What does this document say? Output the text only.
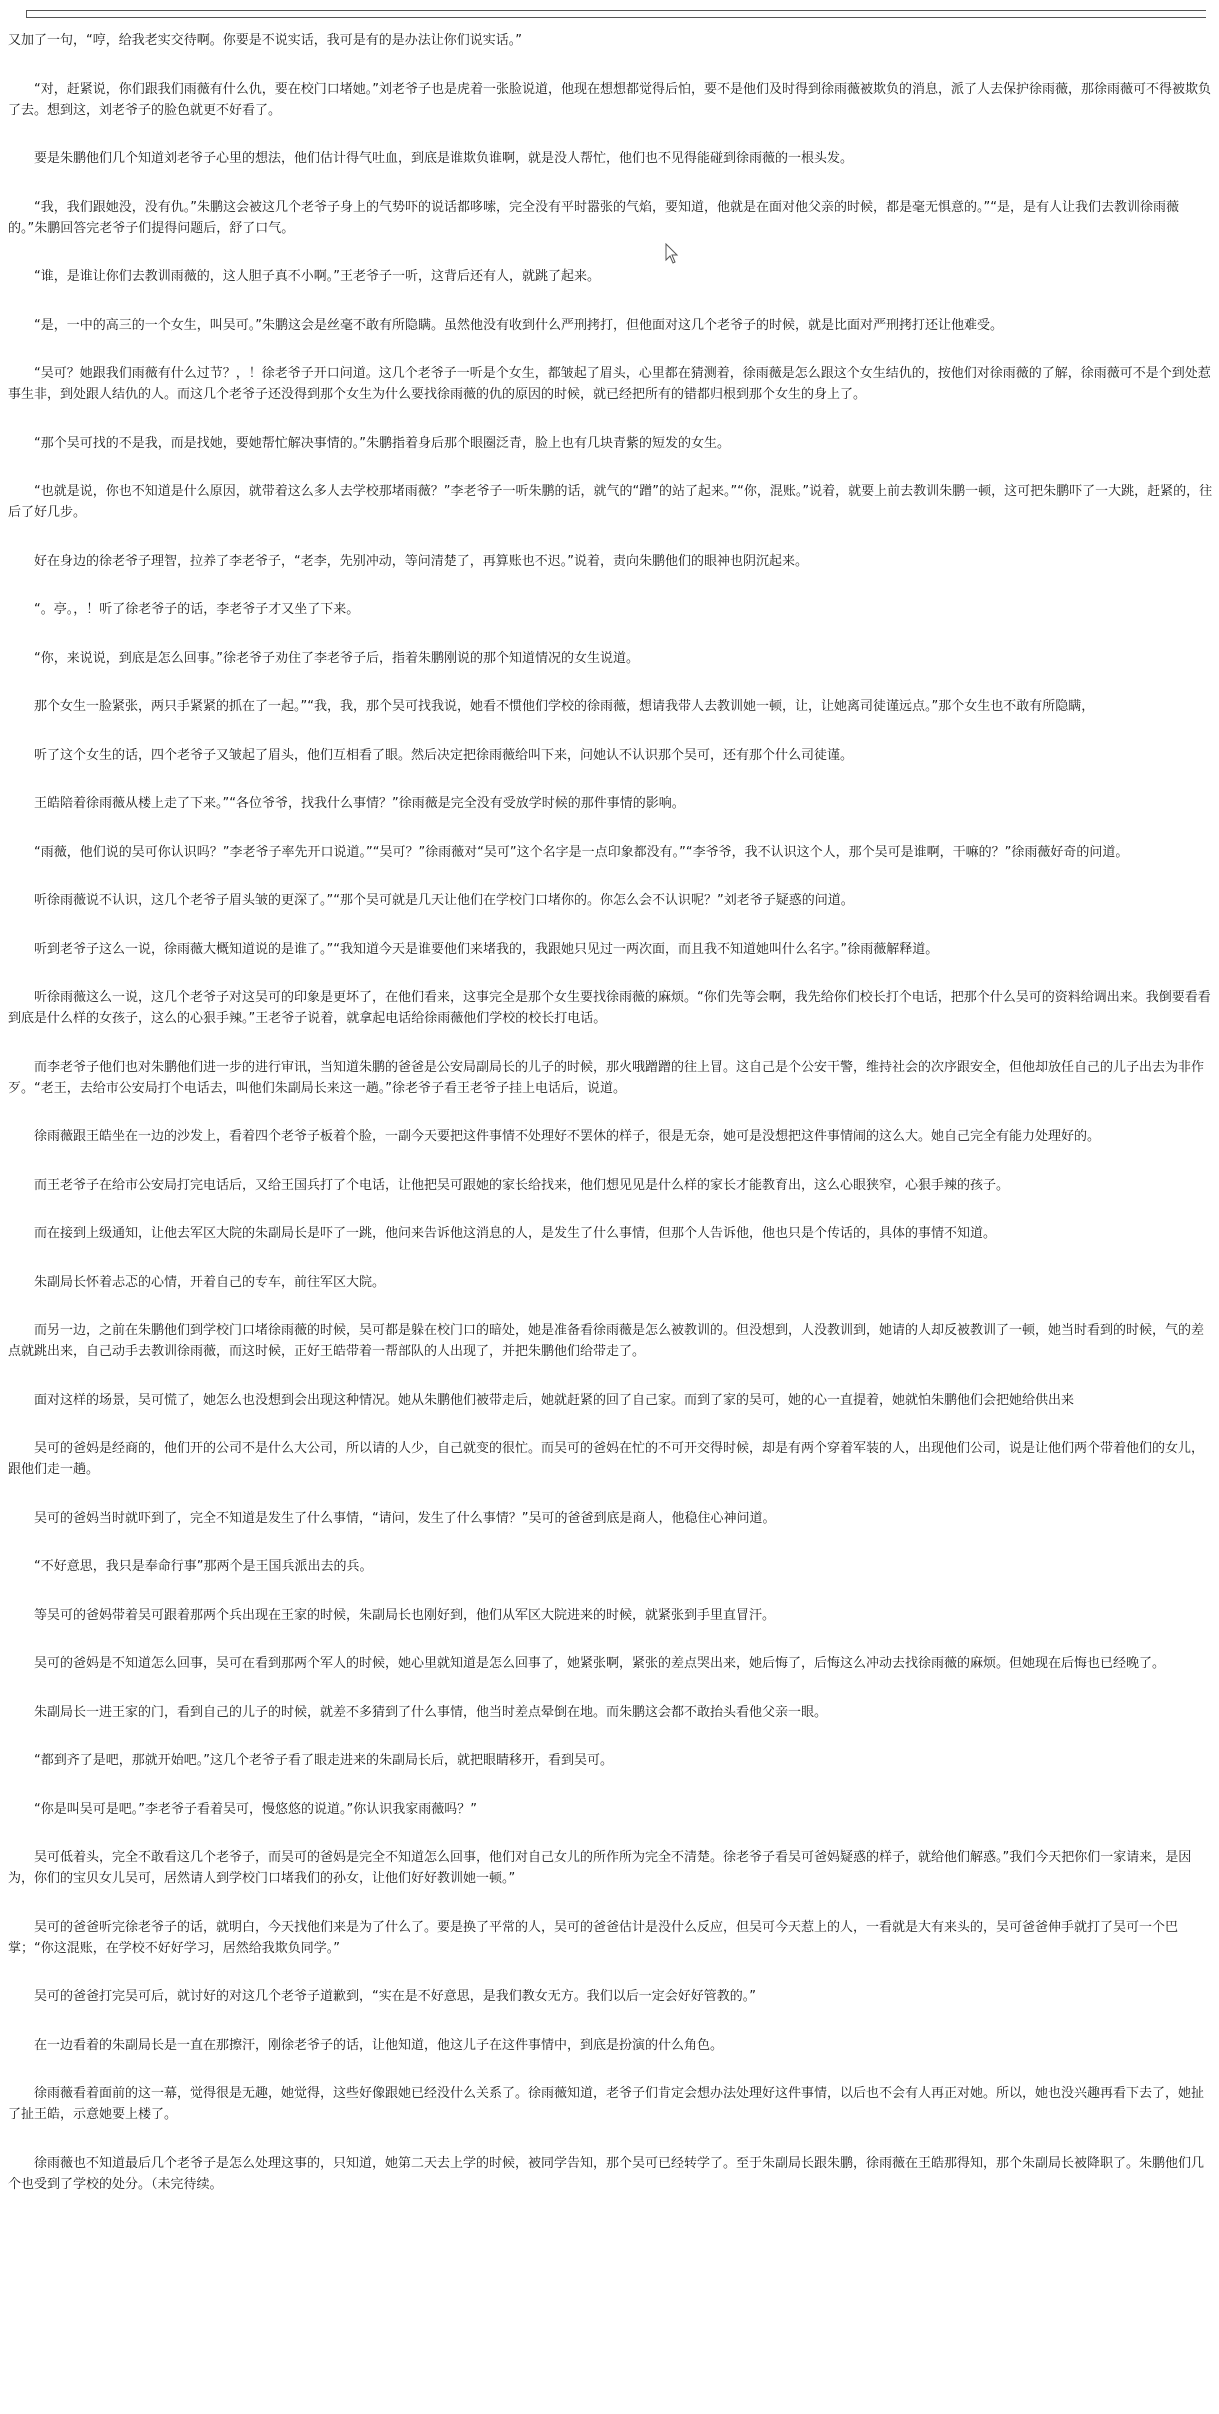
又加了一句，“哼，给我老实交待啊。你要是不说实话，我可是有的是办法让你们说实话。”

“对，赶紧说，你们跟我们雨薇有什么仇，要在校门口堵她。”刘老爷子也是虎着一张脸说道，他现在想想都觉得后怕，要不是他们及时得到徐雨薇被欺负的消息，派了人去保护徐雨薇，那徐雨薇可不得被欺负了去。想到这，刘老爷子的脸色就更不好看了。

要是朱鹏他们几个知道刘老爷子心里的想法，他们估计得气吐血，到底是谁欺负谁啊，就是没人帮忙，他们也不见得能碰到徐雨薇的一根头发。

“我，我们跟她没，没有仇。”朱鹏这会被这几个老爷子身上的气势吓的说话都哆嗦，完全没有平时嚣张的气焰，要知道，他就是在面对他父亲的时候，都是毫无惧意的。”“是，是有人让我们去教训徐雨薇的。”朱鹏回答完老爷子们提得问题后，舒了口气。

“谁，是谁让你们去教训雨薇的，这人胆子真不小啊。”王老爷子一听，这背后还有人，就跳了起来。

“是，一中的高三的一个女生，叫吴可。”朱鹏这会是丝毫不敢有所隐瞒。虽然他没有收到什么严刑拷打，但他面对这几个老爷子的时候，就是比面对严刑拷打还让他难受。

“吴可？她跟我们雨薇有什么过节？，！徐老爷子开口问道。这几个老爷子一听是个女生，都皱起了眉头，心里都在猜测着，徐雨薇是怎么跟这个女生结仇的，按他们对徐雨薇的了解，徐雨薇可不是个到处惹事生非，到处跟人结仇的人。而这几个老爷子还没得到那个女生为什么要找徐雨薇的仇的原因的时候，就已经把所有的错都归根到那个女生的身上了。

“那个吴可找的不是我，而是找她，要她帮忙解决事情的。”朱鹏指着身后那个眼圈泛青，脸上也有几块青紫的短发的女生。

“也就是说，你也不知道是什么原因，就带着这么多人去学校那堵雨薇？”李老爷子一听朱鹏的话，就气的“蹭”的站了起来。”“你，混账。”说着，就要上前去教训朱鹏一顿，这可把朱鹏吓了一大跳，赶紧的，往后了好几步。

好在身边的徐老爷子理智，拉养了李老爷子，“老李，先别冲动，等问清楚了，再算账也不迟。”说着，责向朱鹏他们的眼神也阴沉起来。

“。亭。，！听了徐老爷子的话，李老爷子才又坐了下来。

“你，来说说，到底是怎么回事。”徐老爷子劝住了李老爷子后，指着朱鹏刚说的那个知道情况的女生说道。

那个女生一脸紧张，两只手紧紧的抓在了一起。”“我，我，那个吴可找我说，她看不惯他们学校的徐雨薇，想请我带人去教训她一顿，让，让她离司徒谨远点。”那个女生也不敢有所隐瞒，

听了这个女生的话，四个老爷子又皱起了眉头，他们互相看了眼。然后决定把徐雨薇给叫下来，问她认不认识那个吴可，还有那个什么司徒谨。

王皓陪着徐雨薇从楼上走了下来。”“各位爷爷，找我什么事情？”徐雨薇是完全没有受放学时候的那件事情的影响。

“雨薇，他们说的吴可你认识吗？”李老爷子率先开口说道。”“吴可？”徐雨薇对“吴可”这个名字是一点印象都没有。”“李爷爷，我不认识这个人，那个吴可是谁啊，干嘛的？”徐雨薇好奇的问道。

听徐雨薇说不认识，这几个老爷子眉头皱的更深了。”“那个吴可就是几天让他们在学校门口堵你的。你怎么会不认识呢？”刘老爷子疑惑的问道。

听到老爷子这么一说，徐雨薇大概知道说的是谁了。”“我知道今天是谁要他们来堵我的，我跟她只见过一两次面，而且我不知道她叫什么名字。”徐雨薇解释道。

听徐雨薇这么一说，这几个老爷子对这吴可的印象是更坏了，在他们看来，这事完全是那个女生要找徐雨薇的麻烦。“你们先等会啊，我先给你们校长打个电话，把那个什么吴可的资料给调出来。我倒要看看到底是什么样的女孩子，这么的心狠手辣。”王老爷子说着，就拿起电话给徐雨薇他们学校的校长打电话。

而李老爷子他们也对朱鹏他们进一步的进行审讯，当知道朱鹏的爸爸是公安局副局长的儿子的时候，那火哦蹭蹭的往上冒。这自己是个公安干警，维持社会的次序跟安全，但他却放任自己的儿子出去为非作歹。“老王，去给市公安局打个电话去，叫他们朱副局长来这一趟。”徐老爷子看王老爷子挂上电话后，说道。

徐雨薇跟王皓坐在一边的沙发上，看着四个老爷子板着个脸，一副今天要把这件事情不处理好不罢休的样子，很是无奈，她可是没想把这件事情闹的这么大。她自己完全有能力处理好的。

而王老爷子在给市公安局打完电话后，又给王国兵打了个电话，让他把吴可跟她的家长给找来，他们想见见是什么样的家长才能教育出，这么心眼狭窄，心狠手辣的孩子。

而在接到上级通知，让他去军区大院的朱副局长是吓了一跳，他问来告诉他这消息的人，是发生了什么事情，但那个人告诉他，他也只是个传话的，具体的事情不知道。

朱副局长怀着忐忑的心情，开着自己的专车，前往军区大院。

而另一边，之前在朱鹏他们到学校门口堵徐雨薇的时候，吴可都是躲在校门口的暗处，她是准备看徐雨薇是怎么被教训的。但没想到，人没教训到，她请的人却反被教训了一顿，她当时看到的时候，气的差点就跳出来，自己动手去教训徐雨薇，而这时候，正好王皓带着一帮部队的人出现了，并把朱鹏他们给带走了。

面对这样的场景，吴可慌了，她怎么也没想到会出现这种情况。她从朱鹏他们被带走后，她就赶紧的回了自己家。而到了家的吴可，她的心一直提着，她就怕朱鹏他们会把她给供出来

吴可的爸妈是经商的，他们开的公司不是什么大公司，所以请的人少，自己就变的很忙。而吴可的爸妈在忙的不可开交得时候，却是有两个穿着军装的人，出现他们公司，说是让他们两个带着他们的女儿，跟他们走一趟。

吴可的爸妈当时就吓到了，完全不知道是发生了什么事情，“请问，发生了什么事情？”吴可的爸爸到底是商人，他稳住心神问道。

“不好意思，我只是奉命行事”那两个是王国兵派出去的兵。

等吴可的爸妈带着吴可跟着那两个兵出现在王家的时候，朱副局长也刚好到，他们从军区大院进来的时候，就紧张到手里直冒汗。

吴可的爸妈是不知道怎么回事，吴可在看到那两个军人的时候，她心里就知道是怎么回事了，她紧张啊，紧张的差点哭出来，她后悔了，后悔这么冲动去找徐雨薇的麻烦。但她现在后悔也已经晚了。

朱副局长一进王家的门，看到自己的儿子的时候，就差不多猜到了什么事情，他当时差点晕倒在地。而朱鹏这会都不敢抬头看他父亲一眼。

“都到齐了是吧，那就开始吧。”这几个老爷子看了眼走进来的朱副局长后，就把眼睛移开，看到吴可。

“你是叫吴可是吧。”李老爷子看着吴可，慢悠悠的说道。”你认识我家雨薇吗？”

吴可低着头，完全不敢看这几个老爷子，而吴可的爸妈是完全不知道怎么回事，他们对自己女儿的所作所为完全不清楚。徐老爷子看吴可爸妈疑惑的样子，就给他们解惑。”我们今天把你们一家请来，是因为，你们的宝贝女儿吴可，居然请人到学校门口堵我们的孙女，让他们好好教训她一顿。”

吴可的爸爸听完徐老爷子的话，就明白，今天找他们来是为了什么了。要是换了平常的人，吴可的爸爸估计是没什么反应，但吴可今天惹上的人，一看就是大有来头的，吴可爸爸伸手就打了吴可一个巴掌；“你这混账，在学校不好好学习，居然给我欺负同学。”

吴可的爸爸打完吴可后，就讨好的对这几个老爷子道歉到，“实在是不好意思，是我们教女无方。我们以后一定会好好管教的。”

在一边看着的朱副局长是一直在那擦汗，刚徐老爷子的话，让他知道，他这儿子在这件事情中，到底是扮演的什么角色。

徐雨薇看着面前的这一幕，觉得很是无趣，她觉得，这些好像跟她已经没什么关系了。徐雨薇知道，老爷子们肯定会想办法处理好这件事情，以后也不会有人再正对她。所以，她也没兴趣再看下去了，她扯了扯王皓，示意她要上楼了。

徐雨薇也不知道最后几个老爷子是怎么处理这事的，只知道，她第二天去上学的时候，被同学告知，那个吴可已经转学了。至于朱副局长跟朱鹏，徐雨薇在王皓那得知，那个朱副局长被降职了。朱鹏他们几个也受到了学校的处分。（未完待续。
